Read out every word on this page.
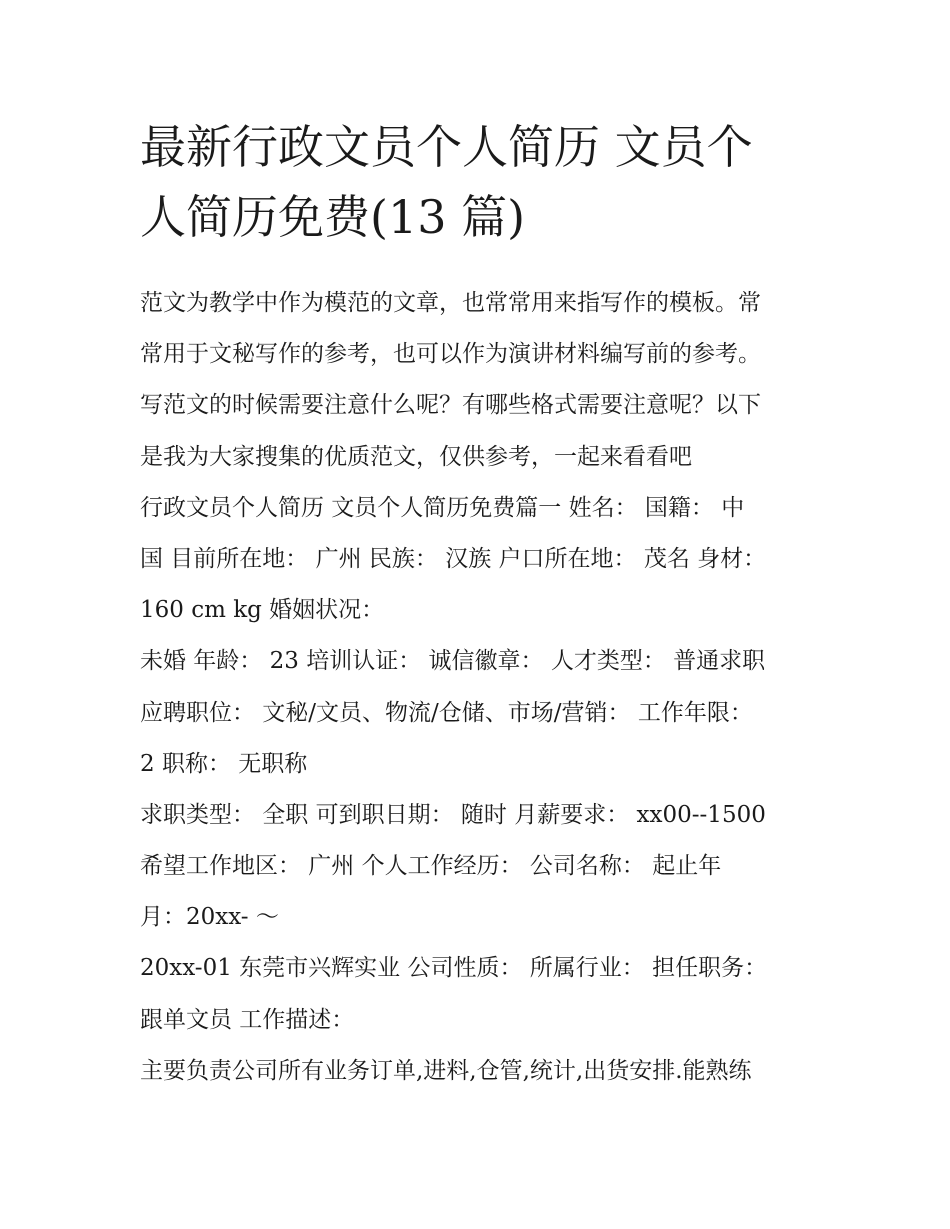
最新行政文员个人简历 文员个
人简历免费(13 篇)
范文为教学中作为模范的文章，也常常用来指写作的模板。常
常用于文秘写作的参考，也可以作为演讲材料编写前的参考。
写范文的时候需要注意什么呢？有哪些格式需要注意呢？以下
是我为大家搜集的优质范文，仅供参考，一起来看看吧
行政文员个人简历 文员个人简历免费篇一 姓名： 国籍： 中
国 目前所在地： 广州 民族： 汉族 户口所在地： 茂名 身材：
160 cm kg 婚姻状况：
未婚 年龄： 23 培训认证： 诚信徽章： 人才类型： 普通求职
应聘职位： 文秘/文员、物流/仓储、市场/营销： 工作年限：
2 职称： 无职称
求职类型： 全职 可到职日期： 随时 月薪要求： xx00--1500
希望工作地区： 广州 个人工作经历： 公司名称： 起止年
月：20xx- ～
20xx-01 东莞市兴辉实业 公司性质： 所属行业： 担任职务：
跟单文员 工作描述：
主要负责公司所有业务订单,进料,仓管,统计,出货安排.能熟练
